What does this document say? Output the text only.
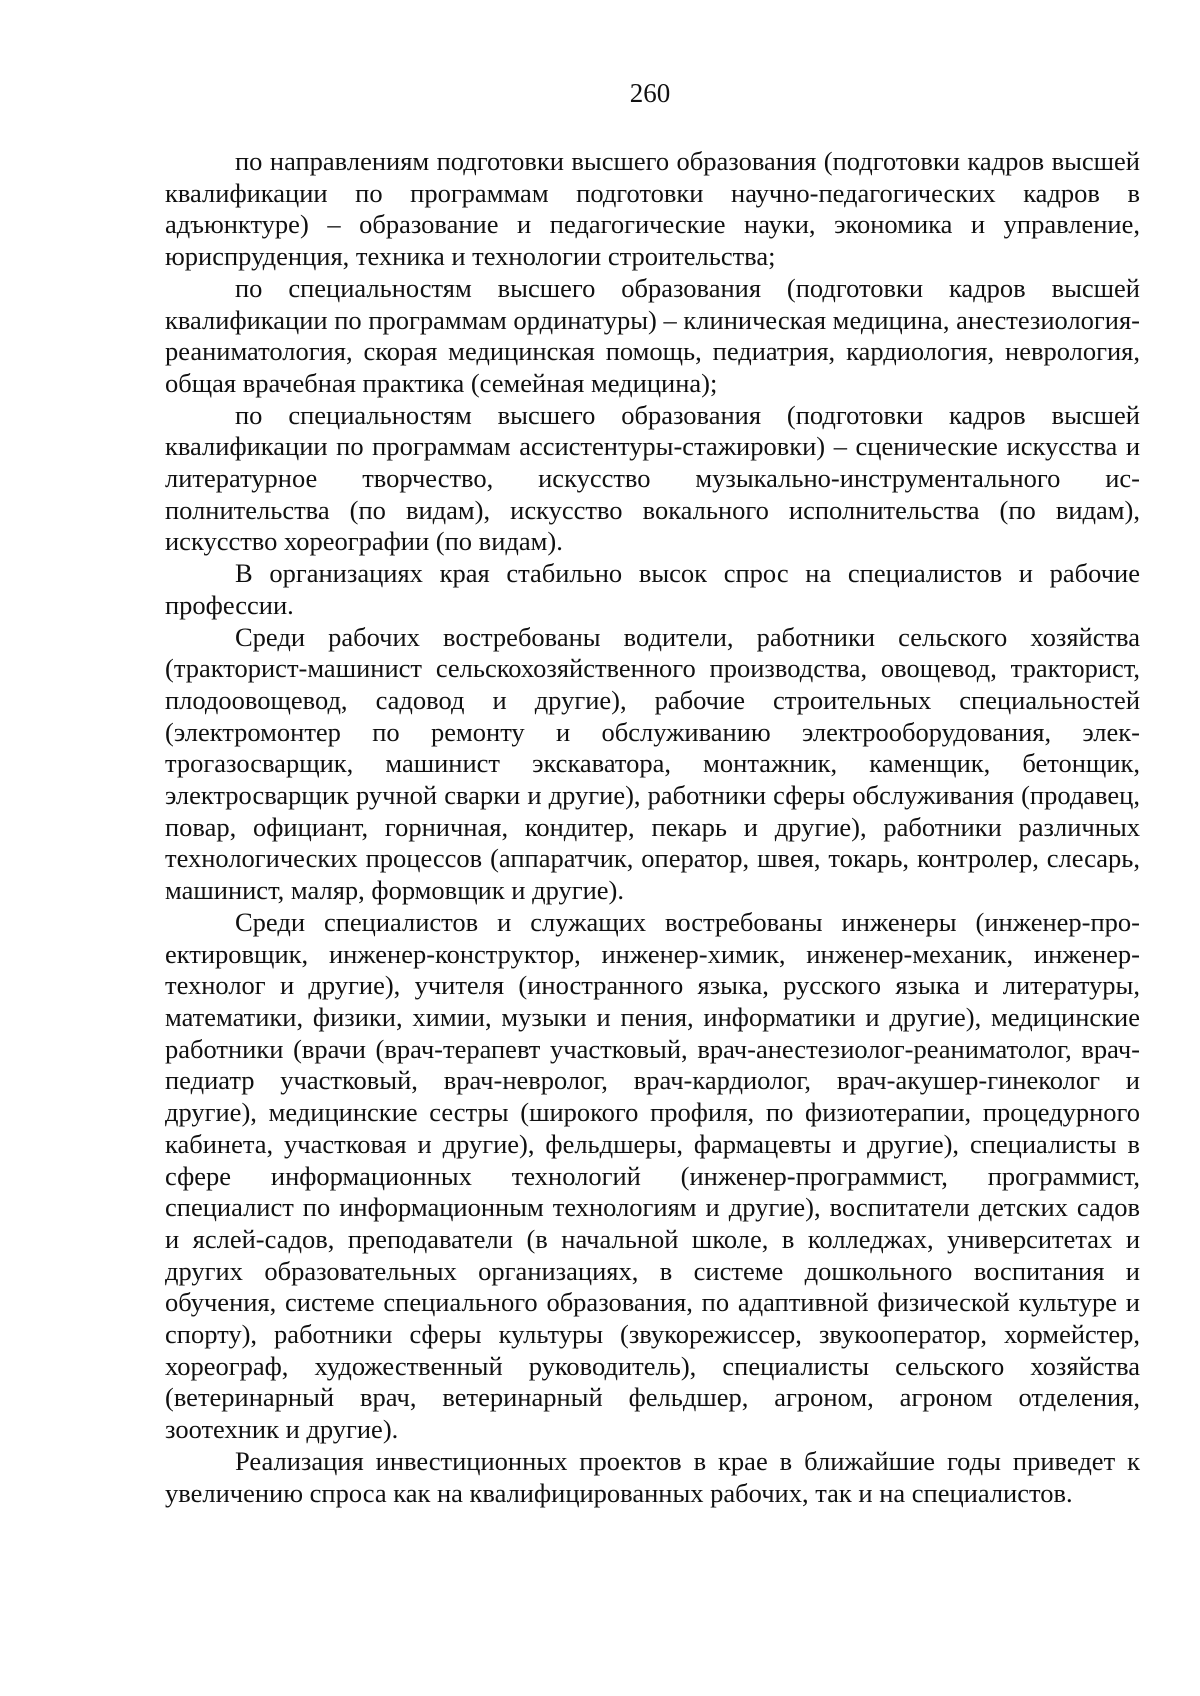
260

по направлениям подготовки высшего образования (подготовки кадров высшей квалификации по программам подготовки научно-педагогических кадров в адъюнктуре) – образование и педагогические науки, экономика и управление, юриспруденция, техника и технологии строительства;

по специальностям высшего образования (подготовки кадров высшей квалификации по программам ординатуры) – клиническая медицина, анестезиология-реаниматология, скорая медицинская помощь, педиатрия, кардиология, неврология, общая врачебная практика (семейная медицина);

по специальностям высшего образования (подготовки кадров высшей квалификации по программам ассистентуры-стажировки) – сценические искусства и литературное творчество, искусство музыкально-инструментального исполнительства (по видам), искусство вокального исполнительства (по видам), искусство хореографии (по видам).

В организациях края стабильно высок спрос на специалистов и рабочие профессии.

Среди рабочих востребованы водители, работники сельского хозяйства (тракторист-машинист сельскохозяйственного производства, овощевод, тракторист, плодоовощевод, садовод и другие), рабочие строительных специальностей (электромонтер по ремонту и обслуживанию электрооборудования, электрогазосварщик, машинист экскаватора, монтажник, каменщик, бетонщик, электросварщик ручной сварки и другие), работники сферы обслуживания (продавец, повар, официант, горничная, кондитер, пекарь и другие), работники различных технологических процессов (аппаратчик, оператор, швея, токарь, контролер, слесарь, машинист, маляр, формовщик и другие).

Среди специалистов и служащих востребованы инженеры (инженер-проектировщик, инженер-конструктор, инженер-химик, инженер-механик, инженер-технолог и другие), учителя (иностранного языка, русского языка и литературы, математики, физики, химии, музыки и пения, информатики и другие), медицинские работники (врачи (врач-терапевт участковый, врач-анестезиолог-реаниматолог, врач-педиатр участковый, врач-невролог, врач-кардиолог, врач-акушер-гинеколог и другие), медицинские сестры (широкого профиля, по физиотерапии, процедурного кабинета, участковая и другие), фельдшеры, фармацевты и другие), специалисты в сфере информационных технологий (инженер-программист, программист, специалист по информационным технологиям и другие), воспитатели детских садов и яслей-садов, преподаватели (в начальной школе, в колледжах, университетах и других образовательных организациях, в системе дошкольного воспитания и обучения, системе специального образования, по адаптивной физической культуре и спорту), работники сферы культуры (звукорежиссер, звукооператор, хормейстер, хореограф, художественный руководитель), специалисты сельского хозяйства (ветеринарный врач, ветеринарный фельдшер, агроном, агроном отделения, зоотехник и другие).

Реализация инвестиционных проектов в крае в ближайшие годы приведет к увеличению спроса как на квалифицированных рабочих, так и на специалистов.
